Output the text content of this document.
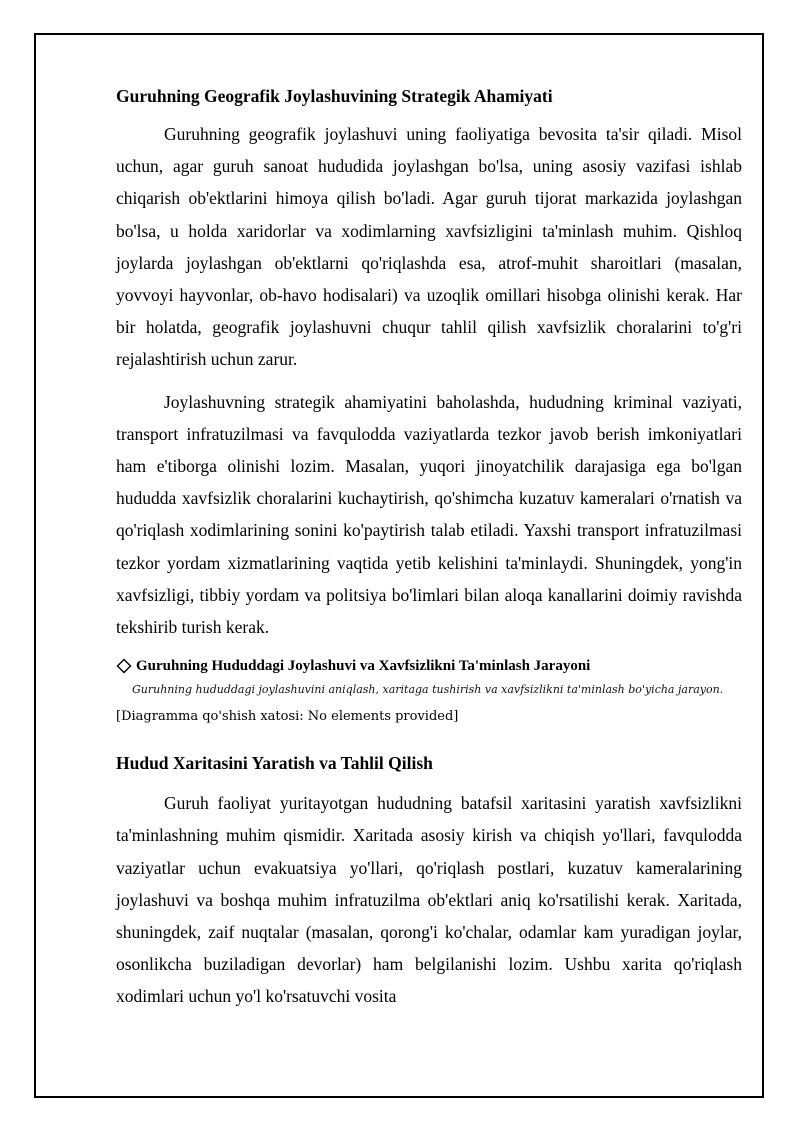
Guruhning Geografik Joylashuvining Strategik Ahamiyati

Guruhning geografik joylashuvi uning faoliyatiga bevosita ta'sir qiladi. Misol uchun, agar guruh sanoat hududida joylashgan bo'lsa, uning asosiy vazifasi ishlab chiqarish ob'ektlarini himoya qilish bo'ladi. Agar guruh tijorat markazida joylashgan bo'lsa, u holda xaridorlar va xodimlarning xavfsizligini ta'minlash muhim. Qishloq joylarda joylashgan ob'ektlarni qo'riqlashda esa, atrof-muhit sharoitlari (masalan, yovvoyi hayvonlar, ob-havo hodisalari) va uzoqlik omillari hisobga olinishi kerak. Har bir holatda, geografik joylashuvni chuqur tahlil qilish xavfsizlik choralarini to'g'ri rejalashtirish uchun zarur.

Joylashuvning strategik ahamiyatini baholashda, hududning kriminal vaziyati, transport infratuzilmasi va favqulodda vaziyatlarda tezkor javob berish imkoniyatlari ham e'tiborga olinishi lozim. Masalan, yuqori jinoyatchilik darajasiga ega bo'lgan hududda xavfsizlik choralarini kuchaytirish, qo'shimcha kuzatuv kameralari o'rnatish va qo'riqlash xodimlarining sonini ko'paytirish talab etiladi. Yaxshi transport infratuzilmasi tezkor yordam xizmatlarining vaqtida yetib kelishini ta'minlaydi. Shuningdek, yong'in xavfsizligi, tibbiy yordam va politsiya bo'limlari bilan aloqa kanallarini doimiy ravishda tekshirib turish kerak.

Guruhning Hududdagi Joylashuvi va Xavfsizlikni Ta'minlash Jarayoni
Guruhning hududdagi joylashuvini aniqlash, xaritaga tushirish va xavfsizlikni ta'minlash bo'yicha jarayon.
[Diagramma qo'shish xatosi: No elements provided]
Hudud Xaritasini Yaratish va Tahlil Qilish

Guruh faoliyat yuritayotgan hududning batafsil xaritasini yaratish xavfsizlikni ta'minlashning muhim qismidir. Xaritada asosiy kirish va chiqish yo'llari, favqulodda vaziyatlar uchun evakuatsiya yo'llari, qo'riqlash postlari, kuzatuv kameralarining joylashuvi va boshqa muhim infratuzilma ob'ektlari aniq ko'rsatilishi kerak. Xaritada, shuningdek, zaif nuqtalar (masalan, qorong'i ko'chalar, odamlar kam yuradigan joylar, osonlikcha buziladigan devorlar) ham belgilanishi lozim. Ushbu xarita qo'riqlash xodimlari uchun yo'l ko'rsatuvchi vosita
